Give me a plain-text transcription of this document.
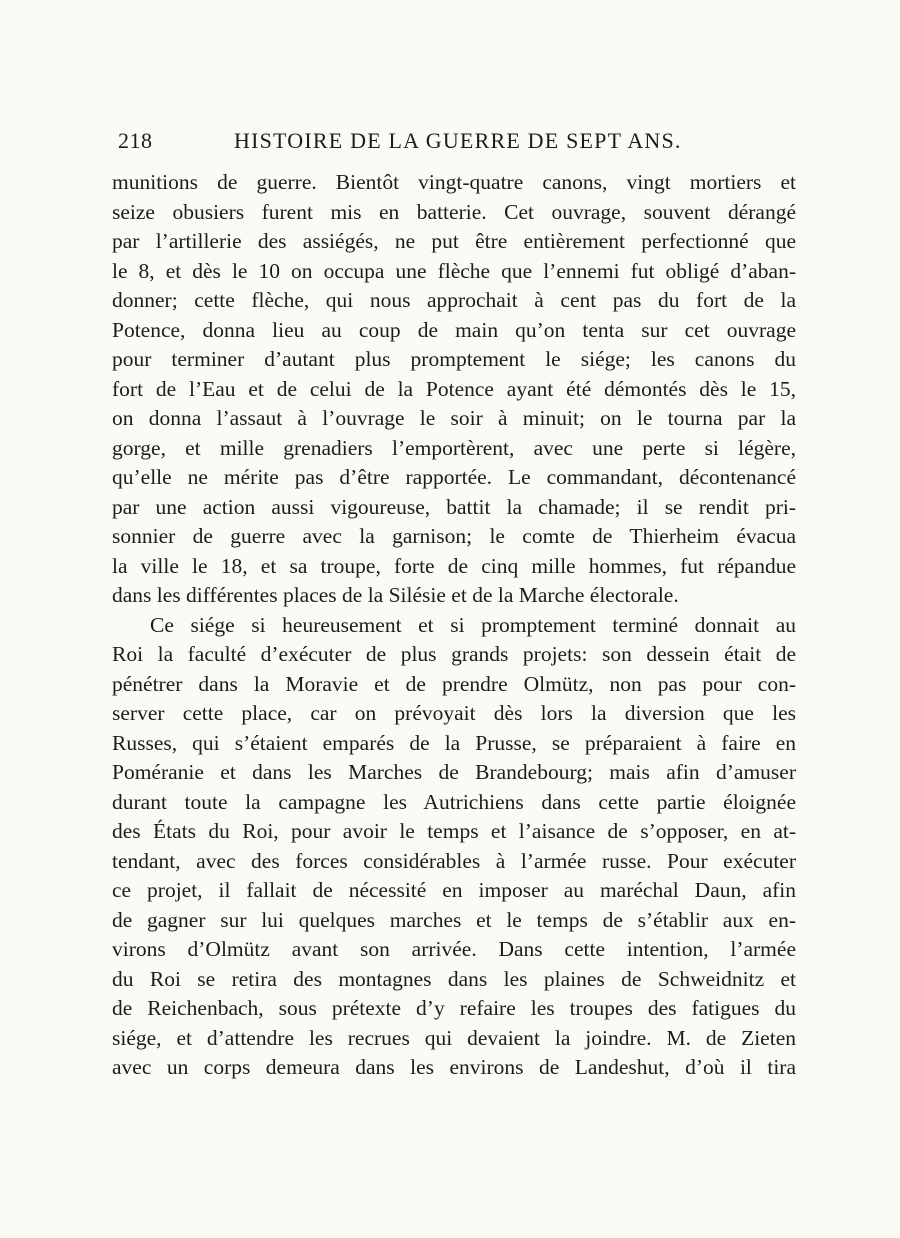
218	HISTOIRE DE LA GUERRE DE SEPT ANS.
munitions de guerre. Bientôt vingt-quatre canons, vingt mortiers et
seize obusiers furent mis en batterie. Cet ouvrage, souvent dérangé
par l’artillerie des assiégés, ne put être entièrement perfectionné que
le 8, et dès le 10 on occupa une flèche que l’ennemi fut obligé d’aban-
donner; cette flèche, qui nous approchait à cent pas du fort de la
Potence, donna lieu au coup de main qu’on tenta sur cet ouvrage
pour terminer d’autant plus promptement le siége; les canons du
fort de l’Eau et de celui de la Potence ayant été démontés dès le 15,
on donna l’assaut à l’ouvrage le soir à minuit; on le tourna par la
gorge, et mille grenadiers l’emportèrent, avec une perte si légère,
qu’elle ne mérite pas d’être rapportée. Le commandant, décontenancé
par une action aussi vigoureuse, battit la chamade; il se rendit pri-
sonnier de guerre avec la garnison; le comte de Thierheim évacua
la ville le 18, et sa troupe, forte de cinq mille hommes, fut répandue
dans les différentes places de la Silésie et de la Marche électorale.
Ce siége si heureusement et si promptement terminé donnait au
Roi la faculté d’exécuter de plus grands projets: son dessein était de
pénétrer dans la Moravie et de prendre Olmütz, non pas pour con-
server cette place, car on prévoyait dès lors la diversion que les
Russes, qui s’étaient emparés de la Prusse, se préparaient à faire en
Poméranie et dans les Marches de Brandebourg; mais afin d’amuser
durant toute la campagne les Autrichiens dans cette partie éloignée
des États du Roi, pour avoir le temps et l’aisance de s’opposer, en at-
tendant, avec des forces considérables à l’armée russe. Pour exécuter
ce projet, il fallait de nécessité en imposer au maréchal Daun, afin
de gagner sur lui quelques marches et le temps de s’établir aux en-
virons d’Olmütz avant son arrivée. Dans cette intention, l’armée
du Roi se retira des montagnes dans les plaines de Schweidnitz et
de Reichenbach, sous prétexte d’y refaire les troupes des fatigues du
siége, et d’attendre les recrues qui devaient la joindre. M. de Zieten
avec un corps demeura dans les environs de Landeshut, d’où il tira
